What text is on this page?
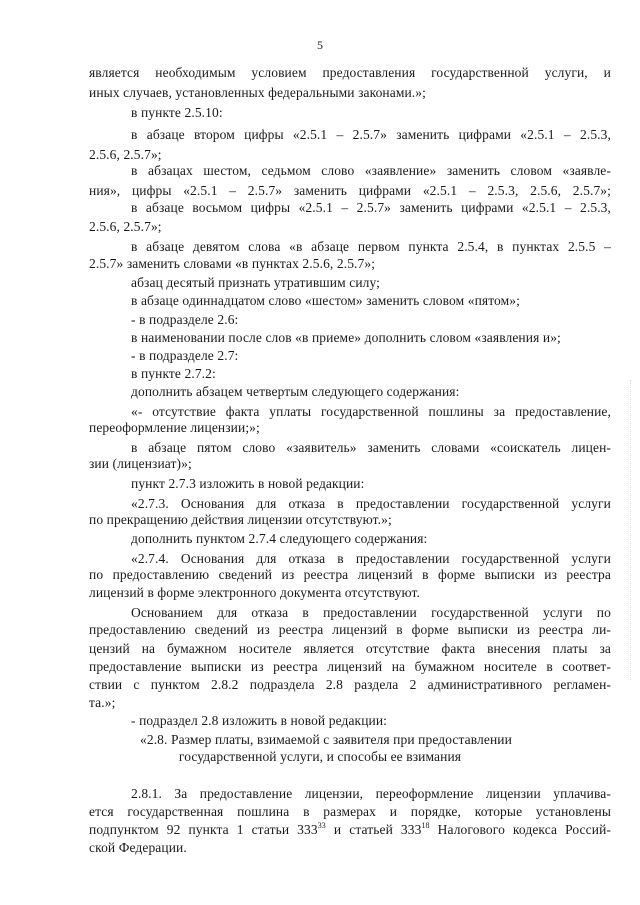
5
является необходимым условием предоставления государственной услуги, и
иных случаев, установленных федеральными законами.»;
в пункте 2.5.10:
в абзаце втором цифры «2.5.1 – 2.5.7» заменить цифрами «2.5.1 – 2.5.3,
2.5.6, 2.5.7»;
в абзацах шестом, седьмом слово «заявление» заменить словом «заявле-
ния», цифры «2.5.1 – 2.5.7» заменить цифрами «2.5.1 – 2.5.3, 2.5.6, 2.5.7»;
в абзаце восьмом цифры «2.5.1 – 2.5.7» заменить цифрами «2.5.1 – 2.5.3,
2.5.6, 2.5.7»;
в абзаце девятом слова «в абзаце первом пункта 2.5.4, в пунктах 2.5.5 –
2.5.7» заменить словами «в пунктах 2.5.6, 2.5.7»;
абзац десятый признать утратившим силу;
в абзаце одиннадцатом слово «шестом» заменить словом «пятом»;
- в подразделе 2.6:
в наименовании после слов «в приеме» дополнить словом «заявления и»;
- в подразделе 2.7:
в пункте 2.7.2:
дополнить абзацем четвертым следующего содержания:
«- отсутствие факта уплаты государственной пошлины за предоставление,
переоформление лицензии;»;
в абзаце пятом слово «заявитель» заменить словами «соискатель лицен-
зии (лицензиат)»;
пункт 2.7.3 изложить в новой редакции:
«2.7.3. Основания для отказа в предоставлении государственной услуги
по прекращению действия лицензии отсутствуют.»;
дополнить пунктом 2.7.4 следующего содержания:
«2.7.4. Основания для отказа в предоставлении государственной услуги
по предоставлению сведений из реестра лицензий в форме выписки из реестра
лицензий в форме электронного документа отсутствуют.
Основанием для отказа в предоставлении государственной услуги по
предоставлению сведений из реестра лицензий в форме выписки из реестра ли-
цензий на бумажном носителе является отсутствие факта внесения платы за
предоставление выписки из реестра лицензий на бумажном носителе в соответ-
ствии с пунктом 2.8.2 подраздела 2.8 раздела 2 административного регламен-
та.»;
- подраздел 2.8 изложить в новой редакции:
«2.8. Размер платы, взимаемой с заявителя при предоставлении
государственной услуги, и способы ее взимания
2.8.1. За предоставление лицензии, переоформление лицензии уплачива-
ется государственная пошлина в размерах и порядке, которые установлены
подпунктом 92 пункта 1 статьи $333^{33}$ и статьей $333^{18}$ Налогового кодекса Россий-
ской Федерации.
